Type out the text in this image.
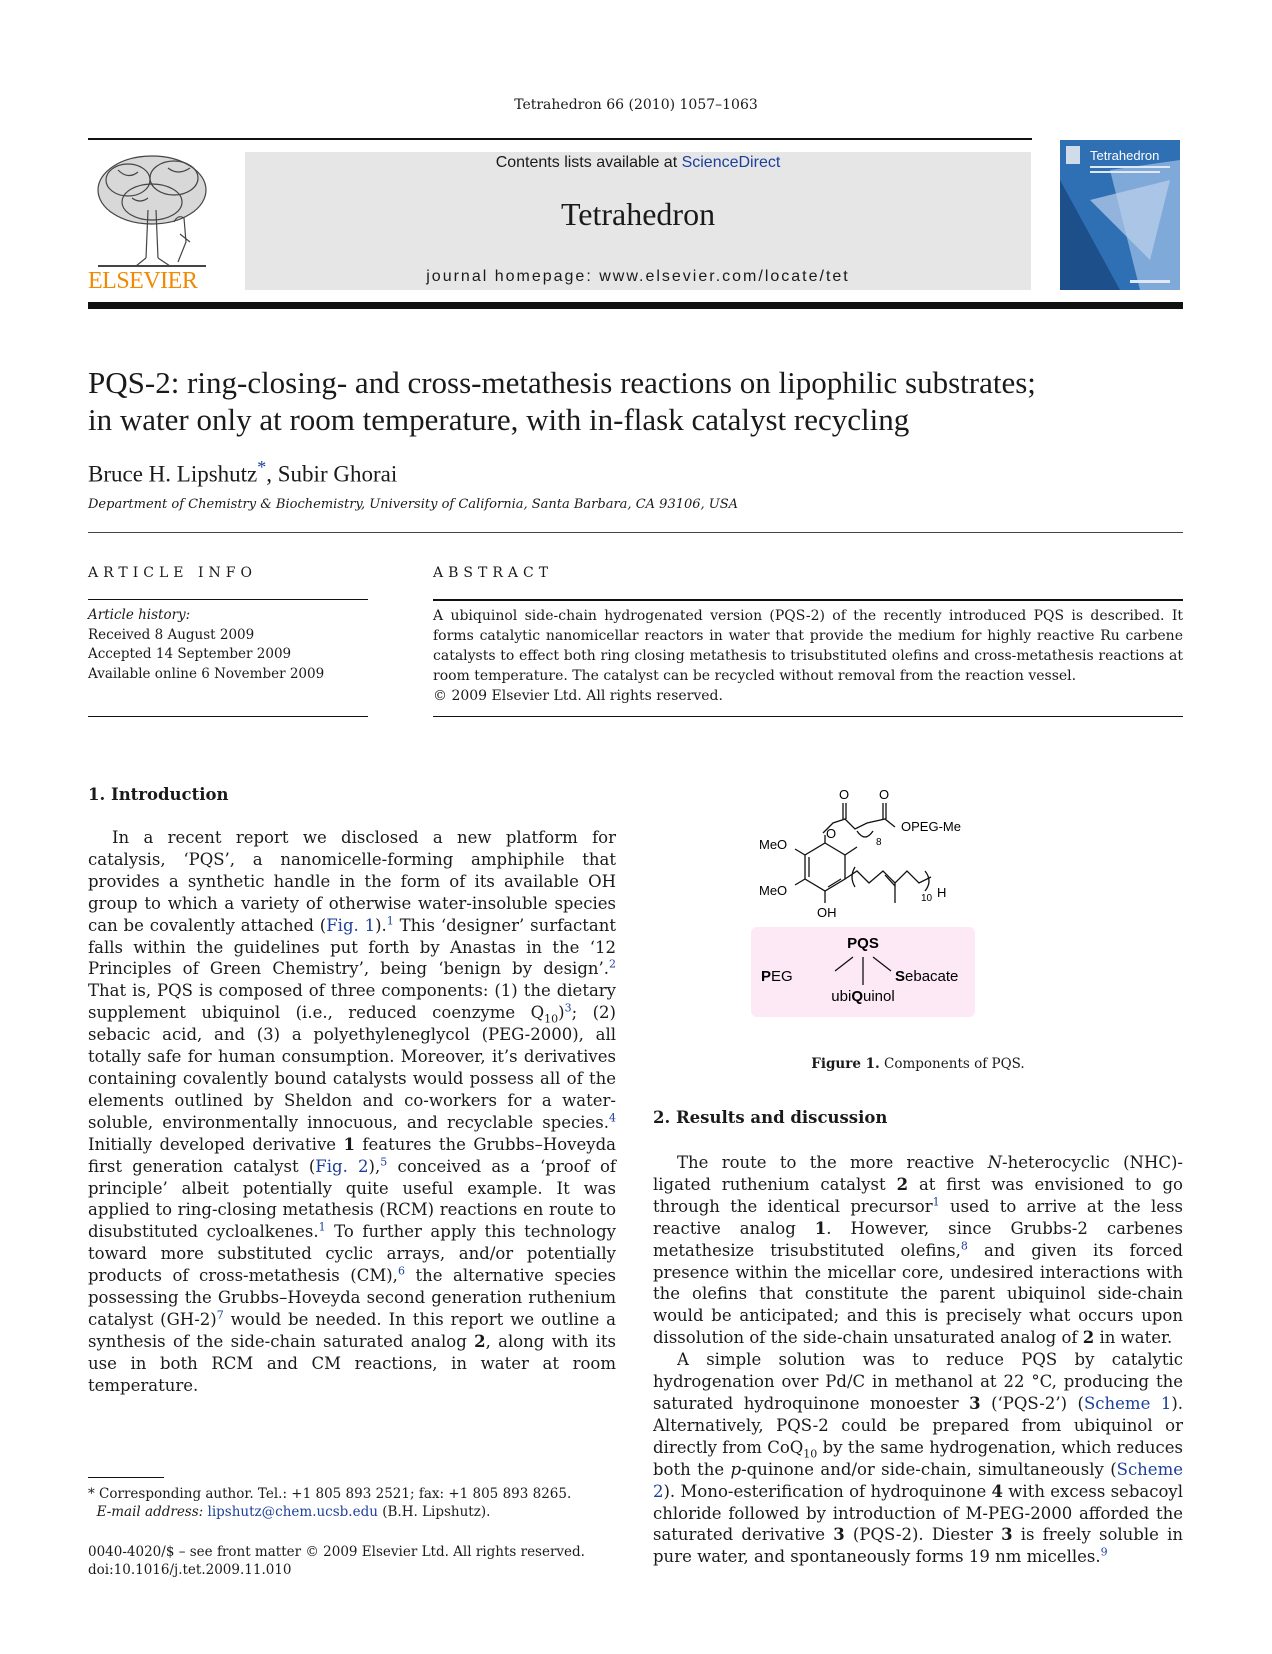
Tetrahedron 66 (2010) 1057–1063
ELSEVIER
Contents lists available at ScienceDirect
Tetrahedron
journal homepage: www.elsevier.com/locate/tet
Tetrahedron
PQS-2: ring-closing- and cross-metathesis reactions on lipophilic substrates;
in water only at room temperature, with in-flask catalyst recycling
Bruce H. Lipshutz*, Subir Ghorai
Department of Chemistry & Biochemistry, University of California, Santa Barbara, CA 93106, USA
ARTICLE INFO	ABSTRACT
Article history:
Received 8 August 2009
Accepted 14 September 2009
Available online 6 November 2009
A ubiquinol side-chain hydrogenated version (PQS-2) of the recently introduced PQS is described. It forms catalytic nanomicellar reactors in water that provide the medium for highly reactive Ru carbene catalysts to effect both ring closing metathesis to trisubstituted olefins and cross-metathesis reactions at room temperature. The catalyst can be recycled without removal from the reaction vessel.
© 2009 Elsevier Ltd. All rights reserved.
1. Introduction

In a recent report we disclosed a new platform for catalysis, ‘PQS’, a nanomicelle-forming amphiphile that provides a synthetic handle in the form of its available OH group to which a variety of otherwise water-insoluble species can be covalently attached (Fig. 1).$^1$ This ‘designer’ surfactant falls within the guidelines put forth by Anastas in the ‘12 Principles of Green Chemistry’, being ‘benign by design’.$^2$ That is, PQS is composed of three components: (1) the dietary supplement ubiquinol (i.e., reduced coenzyme $Q_{10})^3$; (2) sebacic acid, and (3) a polyethyleneglycol (PEG-2000), all totally safe for human consumption. Moreover, it’s derivatives containing covalently bound catalysts would possess all of the elements outlined by Sheldon and co-workers for a water-soluble, environmentally innocuous, and recyclable species.$^4$ Initially developed derivative 1 features the Grubbs–Hoveyda first generation catalyst (Fig. 2),$^5$ conceived as a ‘proof of principle’ albeit potentially quite useful example. It was applied to ring-closing metathesis (RCM) reactions en route to disubstituted cycloalkenes.$^1$ To further apply this technology toward more substituted cyclic arrays, and/or potentially products of cross-metathesis (CM),$^6$ the alternative species possessing the Grubbs–Hoveyda second generation ruthenium catalyst $(GH-2)^7$ would be needed. In this report we outline a synthesis of the side-chain saturated analog 2, along with its use in both RCM and CM reactions, in water at room temperature.

O O
O
8
OPEG-Me
MeO
MeO
OH
10 H
PQS
PEG	Sebacate
ubiQuinol
Figure 1. Components of PQS.
2. Results and discussion

The route to the more reactive N-heterocyclic (NHC)-ligated ruthenium catalyst 2 at first was envisioned to go through the identical precursor$^1$ used to arrive at the less reactive analog 1. However, since Grubbs-2 carbenes metathesize trisubstituted olefins,$^8$ and given its forced presence within the micellar core, undesired interactions with the olefins that constitute the parent ubiquinol side-chain would be anticipated; and this is precisely what occurs upon dissolution of the side-chain unsaturated analog of 2 in water.

A simple solution was to reduce PQS by catalytic hydrogenation over Pd/C in methanol at 22 °C, producing the saturated hydroquinone monoester 3 (‘PQS-2’) (Scheme 1). Alternatively, PQS-2 could be prepared from ubiquinol or directly from CoQ$_{10}$ by the same hydrogenation, which reduces both the p-quinone and/or side-chain, simultaneously (Scheme 2). Mono-esterification of hydroquinone 4 with excess sebacoyl chloride followed by introduction of M-PEG-2000 afforded the saturated derivative 3 (PQS-2). Diester 3 is freely soluble in pure water, and spontaneously forms 19 nm micelles.$^9$

* Corresponding author. Tel.: +1 805 893 2521; fax: +1 805 893 8265.
E-mail address: lipshutz@chem.ucsb.edu (B.H. Lipshutz).
0040-4020/$ – see front matter © 2009 Elsevier Ltd. All rights reserved.
doi:10.1016/j.tet.2009.11.010
